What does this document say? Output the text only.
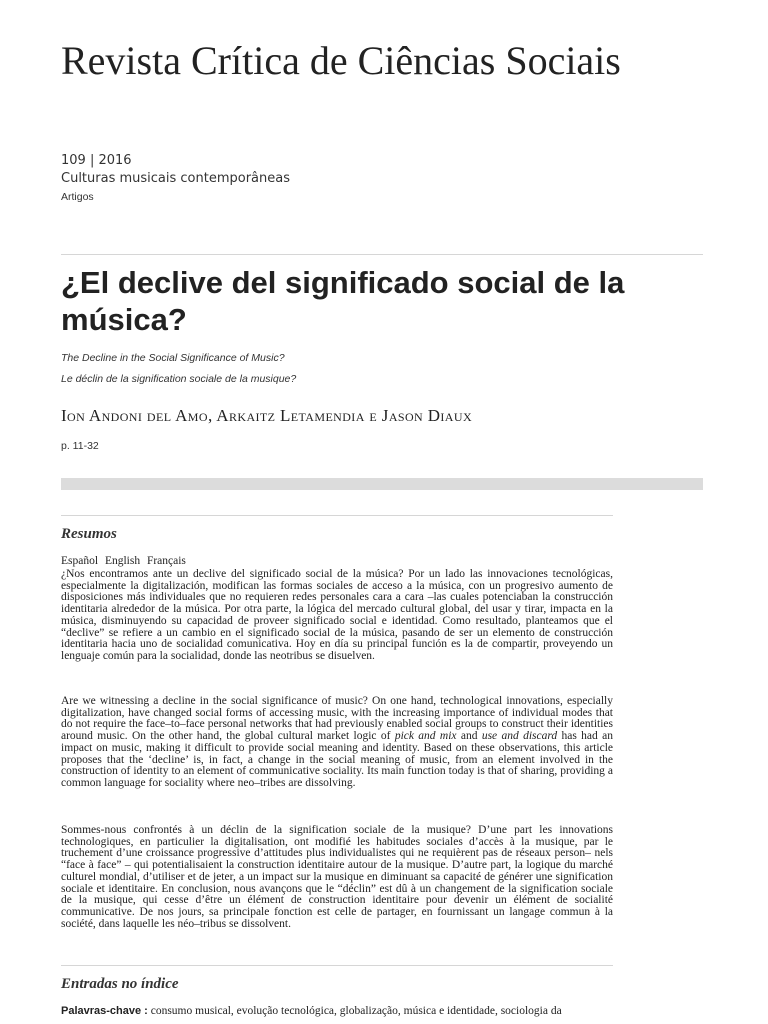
Revista Crítica de Ciências Sociais
109 | 2016
Culturas musicais contemporâneas
Artigos
¿El declive del significado social de la música?
The Decline in the Social Significance of Music?
Le déclin de la signification sociale de la musique?
Ion Andoni del Amo, Arkaitz Letamendia e Jason Diaux
p. 11-32
Resumos
Español English Français

¿Nos encontramos ante un declive del significado social de la música? Por un lado las innovaciones tecnológicas, especialmente la digitalización, modifican las formas sociales de acceso a la música, con un progresivo aumento de disposiciones más individuales que no requieren redes personales cara a cara –las cuales potenciaban la construcción identitaria alrededor de la música. Por otra parte, la lógica del mercado cultural global, del usar y tirar, impacta en la música, disminuyendo su capacidad de proveer significado social e identidad. Como resultado, planteamos que el “declive” se refiere a un cambio en el significado social de la música, pasando de ser un elemento de construcción identitaria hacia uno de socialidad comunicativa. Hoy en día su principal función es la de compartir, proveyendo un lenguaje común para la socialidad, donde las neotribus se disuelven.

Are we witnessing a decline in the social significance of music? On one hand, technological innovations, especially digitalization, have changed social forms of accessing music, with the increasing importance of individual modes that do not require the face–to–face personal networks that had previously enabled social groups to construct their identities around music. On the other hand, the global cultural market logic of pick and mix and use and discard has had an impact on music, making it difficult to provide social meaning and identity. Based on these observations, this article proposes that the ‘decline’ is, in fact, a change in the social meaning of music, from an element involved in the construction of identity to an element of communicative sociality. Its main function today is that of sharing, providing a common language for sociality where neo–tribes are dissolving.

Sommes-nous confrontés à un déclin de la signification sociale de la musique? D’une part les innovations technologiques, en particulier la digitalisation, ont modifié les habitudes sociales d’accès à la musique, par le truchement d’une croissance progressive d’attitudes plus individualistes qui ne requièrent pas de réseaux person– nels “face à face” – qui potentialisaient la construction identitaire autour de la musique. D’autre part, la logique du marché culturel mondial, d’utiliser et de jeter, a un impact sur la musique en diminuant sa capacité de générer une signification sociale et identitaire. En conclusion, nous avançons que le “déclin” est dû à un changement de la signification sociale de la musique, qui cesse d’être un élément de construction identitaire pour devenir un élément de socialité communicative. De nos jours, sa principale fonction est celle de partager, en fournissant un langage commun à la société, dans laquelle les néo–tribus se dissolvent.

Entradas no índice
Palavras-chave : consumo musical, evolução tecnológica, globalização, música e identidade, sociologia da
